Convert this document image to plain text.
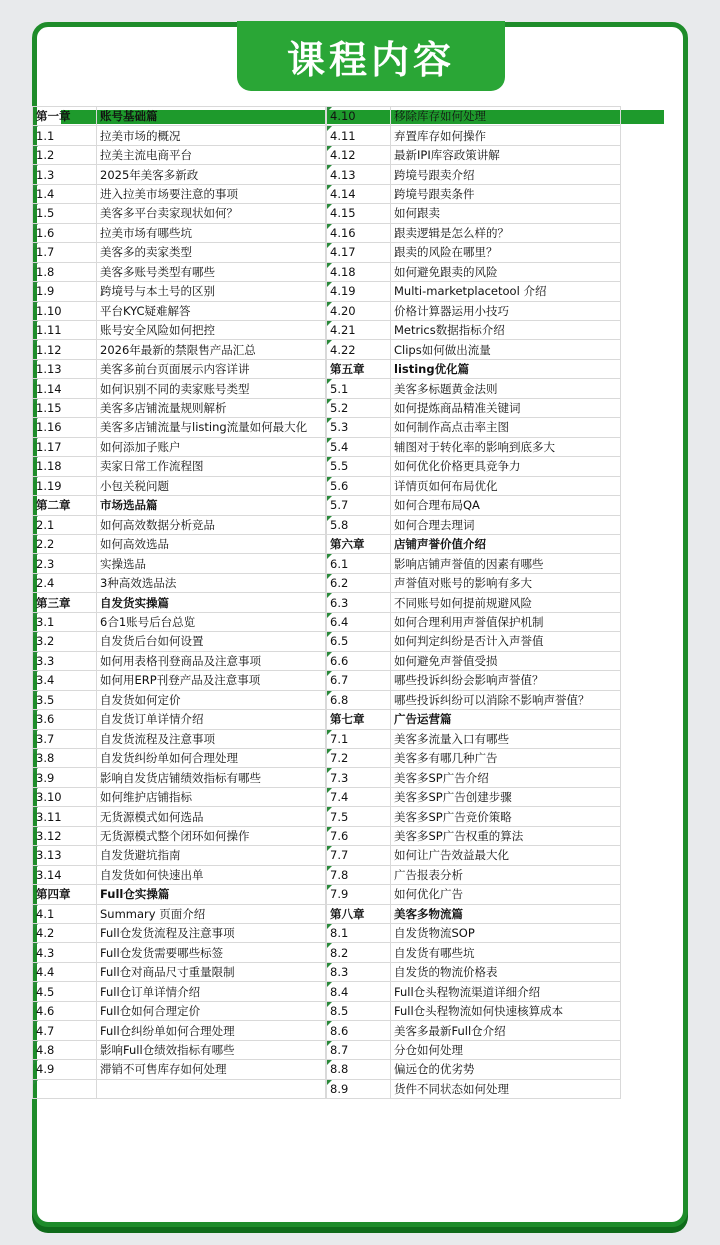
课程内容
第一章	账号基础篇
1.1	拉美市场的概况
1.2	拉美主流电商平台
1.3	2025年美客多新政
1.4	进入拉美市场要注意的事项
1.5	美客多平台卖家现状如何？
1.6	拉美市场有哪些坑
1.7	美客多的卖家类型
1.8	美客多账号类型有哪些
1.9	跨境号与本土号的区别
1.10	平台KYC疑难解答
1.11	账号安全风险如何把控
1.12	2026年最新的禁限售产品汇总
1.13	美客多前台页面展示内容详讲
1.14	如何识别不同的卖家账号类型
1.15	美客多店铺流量规则解析
1.16	美客多店铺流量与listing流量如何最大化
1.17	如何添加子账户
1.18	卖家日常工作流程图
1.19	小包关税问题
第二章	市场选品篇
2.1	如何高效数据分析竞品
2.2	如何高效选品
2.3	实操选品
2.4	3种高效选品法
第三章	自发货实操篇
3.1	6合1账号后台总览
3.2	自发货后台如何设置
3.3	如何用表格刊登商品及注意事项
3.4	如何用ERP刊登产品及注意事项
3.5	自发货如何定价
3.6	自发货订单详情介绍
3.7	自发货流程及注意事项
3.8	自发货纠纷单如何合理处理
3.9	影响自发货店铺绩效指标有哪些
3.10	如何维护店铺指标
3.11	无货源模式如何选品
3.12	无货源模式整个闭环如何操作
3.13	自发货避坑指南
3.14	自发货如何快速出单
第四章	Full仓实操篇
4.1	Summary 页面介绍
4.2	Full仓发货流程及注意事项
4.3	Full仓发货需要哪些标签
4.4	Full仓对商品尺寸重量限制
4.5	Full仓订单详情介绍
4.6	Full仓如何合理定价
4.7	Full仓纠纷单如何合理处理
4.8	影响Full仓绩效指标有哪些
4.9	滞销不可售库存如何处理

4.10	移除库存如何处理
4.11	弃置库存如何操作
4.12	最新IPI库容政策讲解
4.13	跨境号跟卖介绍
4.14	跨境号跟卖条件
4.15	如何跟卖
4.16	跟卖逻辑是怎么样的？
4.17	跟卖的风险在哪里？
4.18	如何避免跟卖的风险
4.19	Multi-marketplacetool 介绍
4.20	价格计算器运用小技巧
4.21	Metrics数据指标介绍
4.22	Clips如何做出流量
第五章	listing优化篇
5.1	美客多标题黄金法则
5.2	如何提炼商品精准关键词
5.3	如何制作高点击率主图
5.4	辅图对于转化率的影响到底多大
5.5	如何优化价格更具竞争力
5.6	详情页如何布局优化
5.7	如何合理布局QA
5.8	如何合理去理词
第六章	店铺声誉价值介绍
6.1	影响店铺声誉值的因素有哪些
6.2	声誉值对账号的影响有多大
6.3	不同账号如何提前规避风险
6.4	如何合理利用声誉值保护机制
6.5	如何判定纠纷是否计入声誉值
6.6	如何避免声誉值受损
6.7	哪些投诉纠纷会影响声誉值？
6.8	哪些投诉纠纷可以消除不影响声誉值？
第七章	广告运营篇
7.1	美客多流量入口有哪些
7.2	美客多有哪几种广告
7.3	美客多SP广告介绍
7.4	美客多SP广告创建步骤
7.5	美客多SP广告竞价策略
7.6	美客多SP广告权重的算法
7.7	如何让广告效益最大化
7.8	广告报表分析
7.9	如何优化广告
第八章	美客多物流篇
8.1	自发货物流SOP
8.2	自发货有哪些坑
8.3	自发货的物流价格表
8.4	Full仓头程物流渠道详细介绍
8.5	Full仓头程物流如何快速核算成本
8.6	美客多最新Full仓介绍
8.7	分仓如何处理
8.8	偏远仓的优劣势
8.9	货件不同状态如何处理
